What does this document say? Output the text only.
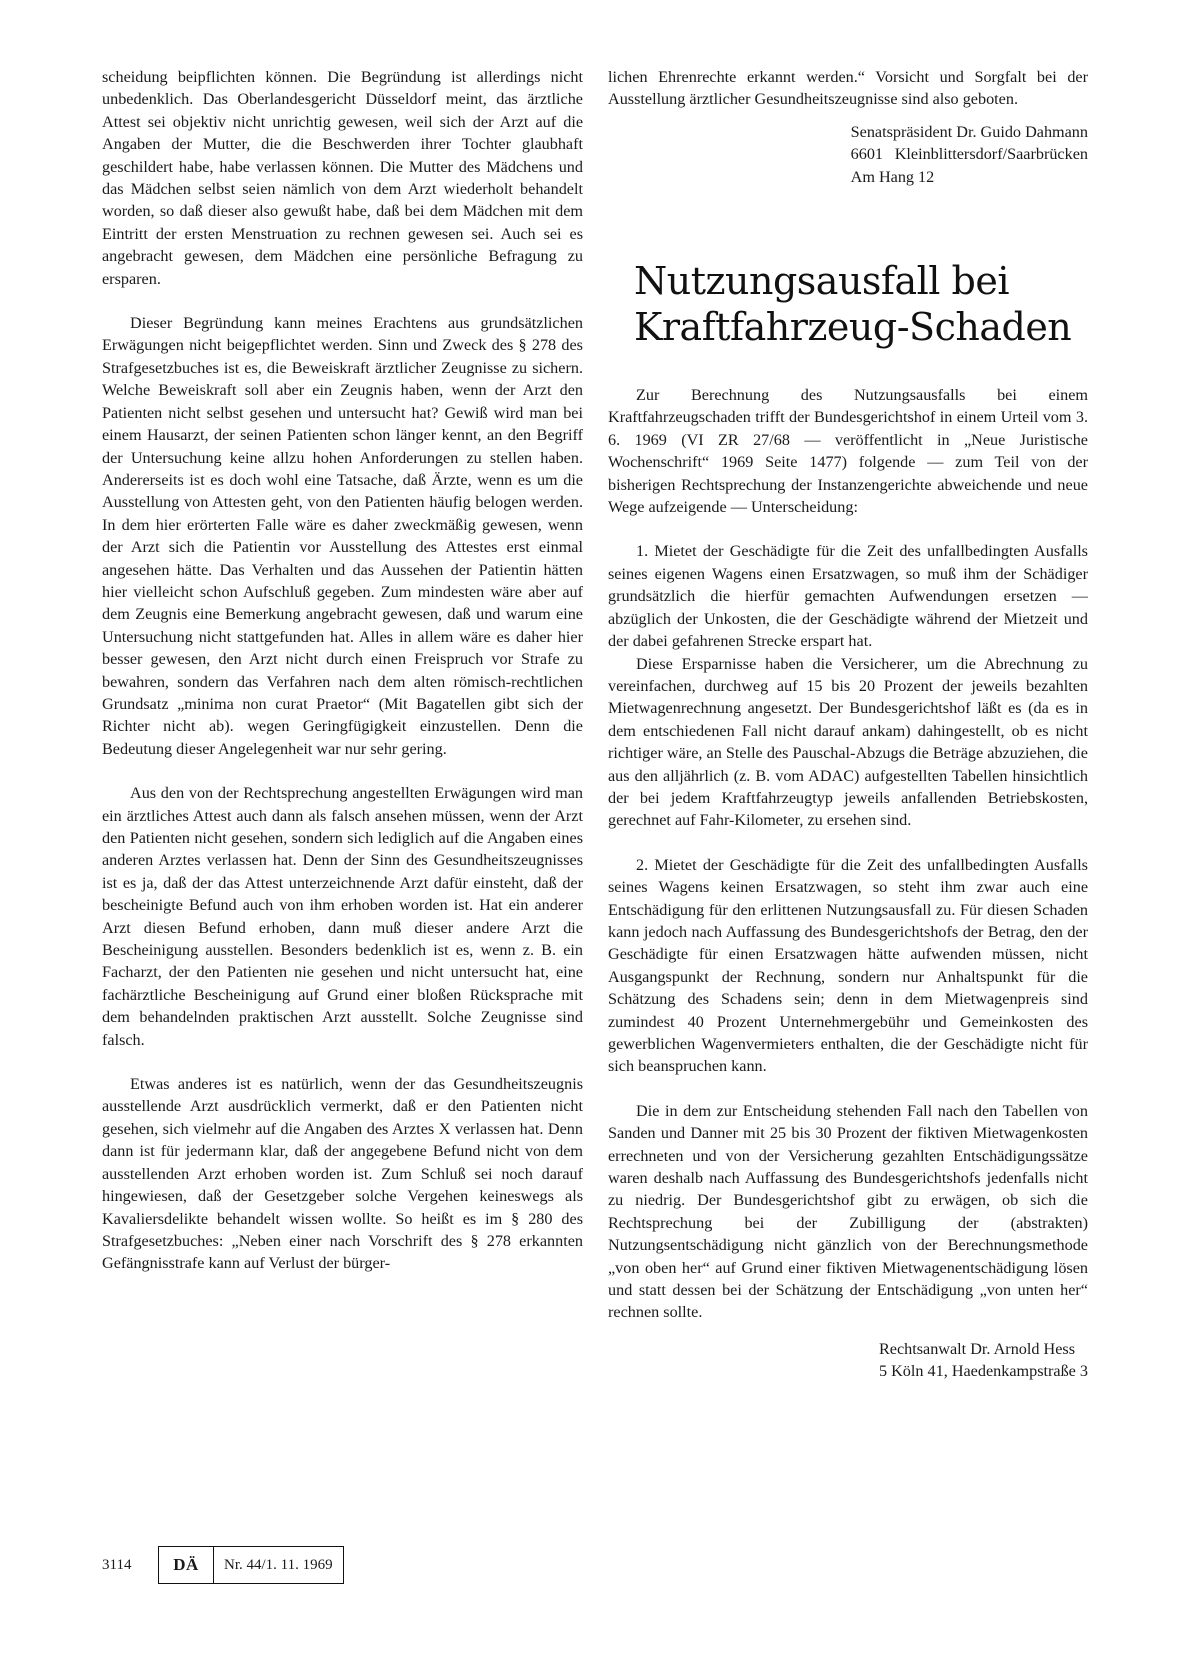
scheidung beipflichten können. Die Begründung ist allerdings nicht unbedenklich. Das Oberlandesgericht Düsseldorf meint, das ärztliche Attest sei objektiv nicht unrichtig gewesen, weil sich der Arzt auf die Angaben der Mutter, die die Beschwerden ihrer Tochter glaubhaft geschildert habe, habe verlassen können. Die Mutter des Mädchens und das Mädchen selbst seien nämlich von dem Arzt wiederholt behandelt worden, so daß dieser also gewußt habe, daß bei dem Mädchen mit dem Eintritt der ersten Menstruation zu rechnen gewesen sei. Auch sei es angebracht gewesen, dem Mädchen eine persönliche Befragung zu ersparen.

Dieser Begründung kann meines Erachtens aus grundsätzlichen Erwägungen nicht beigepflichtet werden. Sinn und Zweck des § 278 des Strafgesetzbuches ist es, die Beweiskraft ärztlicher Zeugnisse zu sichern. Welche Beweiskraft soll aber ein Zeugnis haben, wenn der Arzt den Patienten nicht selbst gesehen und untersucht hat? Gewiß wird man bei einem Hausarzt, der seinen Patienten schon länger kennt, an den Begriff der Untersuchung keine allzu hohen Anforderungen zu stellen haben. Andererseits ist es doch wohl eine Tatsache, daß Ärzte, wenn es um die Ausstellung von Attesten geht, von den Patienten häufig belogen werden. In dem hier erörterten Falle wäre es daher zweckmäßig gewesen, wenn der Arzt sich die Patientin vor Ausstellung des Attestes erst einmal angesehen hätte. Das Verhalten und das Aussehen der Patientin hätten hier vielleicht schon Aufschluß gegeben. Zum mindesten wäre aber auf dem Zeugnis eine Bemerkung angebracht gewesen, daß und warum eine Untersuchung nicht stattgefunden hat. Alles in allem wäre es daher hier besser gewesen, den Arzt nicht durch einen Freispruch vor Strafe zu bewahren, sondern das Verfahren nach dem alten römisch-rechtlichen Grundsatz „minima non curat Praetor“ (Mit Bagatellen gibt sich der Richter nicht ab). wegen Geringfügigkeit einzustellen. Denn die Bedeutung dieser Angelegenheit war nur sehr gering.

Aus den von der Rechtsprechung angestellten Erwägungen wird man ein ärztliches Attest auch dann als falsch ansehen müssen, wenn der Arzt den Patienten nicht gesehen, sondern sich lediglich auf die Angaben eines anderen Arztes verlassen hat. Denn der Sinn des Gesundheitszeugnisses ist es ja, daß der das Attest unterzeichnende Arzt dafür einsteht, daß der bescheinigte Befund auch von ihm erhoben worden ist. Hat ein anderer Arzt diesen Befund erhoben, dann muß dieser andere Arzt die Bescheinigung ausstellen. Besonders bedenklich ist es, wenn z. B. ein Facharzt, der den Patienten nie gesehen und nicht untersucht hat, eine fachärztliche Bescheinigung auf Grund einer bloßen Rücksprache mit dem behandelnden praktischen Arzt ausstellt. Solche Zeugnisse sind falsch.

Etwas anderes ist es natürlich, wenn der das Gesundheitszeugnis ausstellende Arzt ausdrücklich vermerkt, daß er den Patienten nicht gesehen, sich vielmehr auf die Angaben des Arztes X verlassen hat. Denn dann ist für jedermann klar, daß der angegebene Befund nicht von dem ausstellenden Arzt erhoben worden ist. Zum Schluß sei noch darauf hingewiesen, daß der Gesetzgeber solche Vergehen keineswegs als Kavaliersdelikte behandelt wissen wollte. So heißt es im § 280 des Strafgesetzbuches: „Neben einer nach Vorschrift des § 278 erkannten Gefängnisstrafe kann auf Verlust der bürger-

lichen Ehrenrechte erkannt werden.“ Vorsicht und Sorgfalt bei der Ausstellung ärztlicher Gesundheitszeugnisse sind also geboten.

Senatspräsident Dr. Guido Dahmann
6601 Kleinblittersdorf/Saarbrücken
Am Hang 12
Nutzungsausfall bei
Kraftfahrzeug-Schaden

Zur Berechnung des Nutzungsausfalls bei einem Kraftfahrzeugschaden trifft der Bundesgerichtshof in einem Urteil vom 3. 6. 1969 (VI ZR 27/68 — veröffentlicht in „Neue Juristische Wochenschrift“ 1969 Seite 1477) folgende — zum Teil von der bisherigen Rechtsprechung der Instanzengerichte abweichende und neue Wege aufzeigende — Unterscheidung:

1. Mietet der Geschädigte für die Zeit des unfallbedingten Ausfalls seines eigenen Wagens einen Ersatzwagen, so muß ihm der Schädiger grundsätzlich die hierfür gemachten Aufwendungen ersetzen — abzüglich der Unkosten, die der Geschädigte während der Mietzeit und der dabei gefahrenen Strecke erspart hat.

Diese Ersparnisse haben die Versicherer, um die Abrechnung zu vereinfachen, durchweg auf 15 bis 20 Prozent der jeweils bezahlten Mietwagenrechnung angesetzt. Der Bundesgerichtshof läßt es (da es in dem entschiedenen Fall nicht darauf ankam) dahingestellt, ob es nicht richtiger wäre, an Stelle des Pauschal-Abzugs die Beträge abzuziehen, die aus den alljährlich (z. B. vom ADAC) aufgestellten Tabellen hinsichtlich der bei jedem Kraftfahrzeugtyp jeweils anfallenden Betriebskosten, gerechnet auf Fahr-Kilometer, zu ersehen sind.

2. Mietet der Geschädigte für die Zeit des unfallbedingten Ausfalls seines Wagens keinen Ersatzwagen, so steht ihm zwar auch eine Entschädigung für den erlittenen Nutzungsausfall zu. Für diesen Schaden kann jedoch nach Auffassung des Bundesgerichtshofs der Betrag, den der Geschädigte für einen Ersatzwagen hätte aufwenden müssen, nicht Ausgangspunkt der Rechnung, sondern nur Anhaltspunkt für die Schätzung des Schadens sein; denn in dem Mietwagenpreis sind zumindest 40 Prozent Unternehmergebühr und Gemeinkosten des gewerblichen Wagenvermieters enthalten, die der Geschädigte nicht für sich beanspruchen kann.

Die in dem zur Entscheidung stehenden Fall nach den Tabellen von Sanden und Danner mit 25 bis 30 Prozent der fiktiven Mietwagenkosten errechneten und von der Versicherung gezahlten Entschädigungssätze waren deshalb nach Auffassung des Bundesgerichtshofs jedenfalls nicht zu niedrig. Der Bundesgerichtshof gibt zu erwägen, ob sich die Rechtsprechung bei der Zubilligung der (abstrakten) Nutzungsentschädigung nicht gänzlich von der Berechnungsmethode „von oben her“ auf Grund einer fiktiven Mietwagenentschädigung lösen und statt dessen bei der Schätzung der Entschädigung „von unten her“ rechnen sollte.

Rechtsanwalt Dr. Arnold Hess
5 Köln 41, Haedenkampstraße 3
3114	DÄ	Nr. 44/1. 11. 1969
